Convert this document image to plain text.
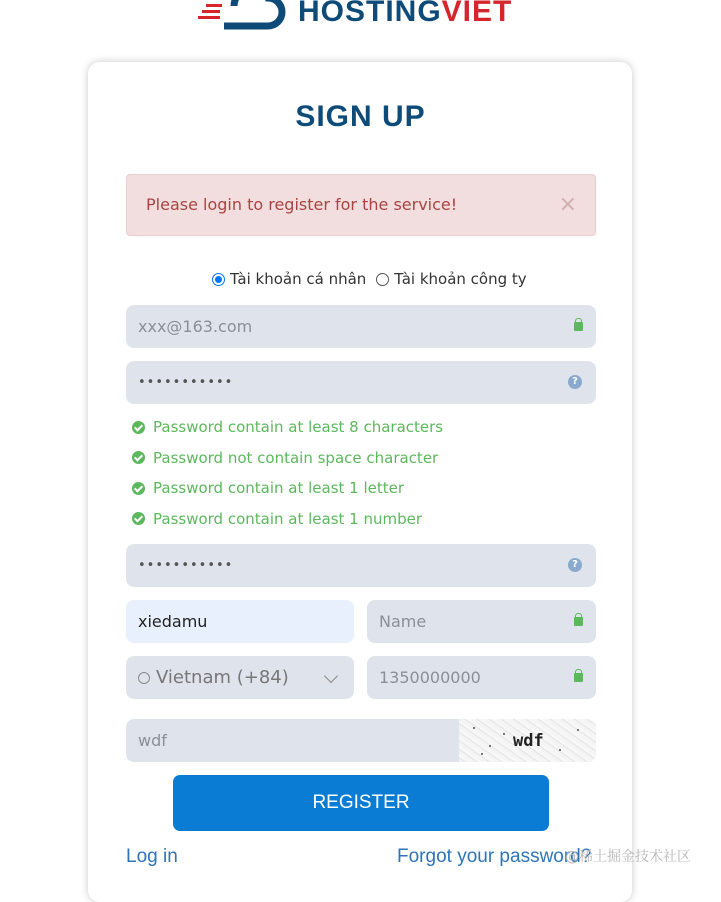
HOSTINGVIET
SIGN UP
Please login to register for the service!	×
Tài khoản cá nhân Tài khoản công ty
xxx@163.com
•••••••••••	?
Password contain at least 8 characters
Password not contain space character
Password contain at least 1 letter
Password contain at least 1 number
•••••••••••	?
xiedamu	Name
Vietnam (+84)	1350000000
wdf	wdf
REGISTER
Log in	Forgot your password?
@稀土掘金技术社区
